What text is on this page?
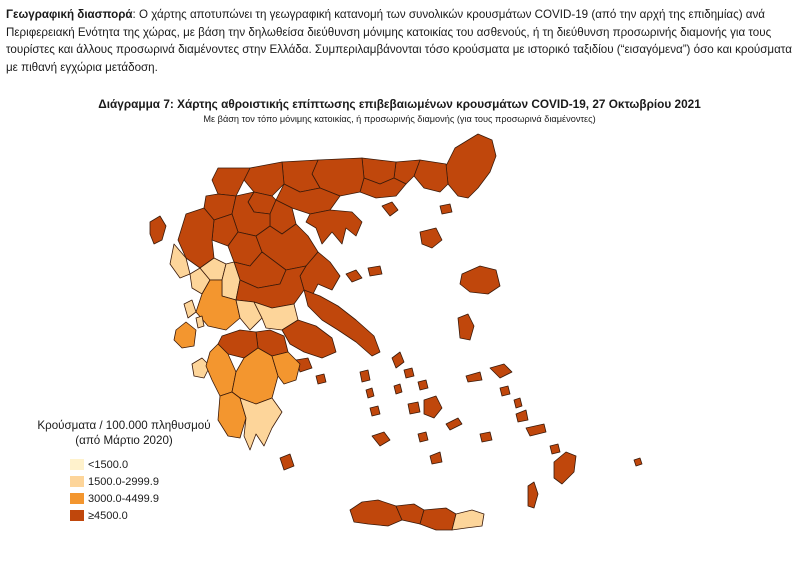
Γεωγραφική διασπορά: Ο χάρτης αποτυπώνει τη γεωγραφική κατανομή των συνολικών κρουσμάτων COVID-19 (από την αρχή της επιδημίας) ανά Περιφερειακή Ενότητα της χώρας, με βάση την δηλωθείσα διεύθυνση μόνιμης κατοικίας του ασθενούς, ή τη διεύθυνση προσωρινής διαμονής για τους τουρίστες και άλλους προσωρινά διαμένοντες στην Ελλάδα. Συμπεριλαμβάνονται τόσο κρούσματα με ιστορικό ταξιδίου (“εισαγόμενα”) όσο και κρούσματα με πιθανή εγχώρια μετάδοση.

Διάγραμμα 7: Χάρτης αθροιστικής επίπτωσης επιβεβαιωμένων κρουσμάτων COVID-19, 27 Οκτωβρίου 2021

Με βάση τον τόπο μόνιμης κατοικίας, ή προσωρινής διαμονής (για τους προσωρινά διαμένοντες)

Κρούσματα / 100.000 πληθυσμού
(από Μάρτιο 2020)
<1500.0
1500.0-2999.9
3000.0-4499.9
≥4500.0
